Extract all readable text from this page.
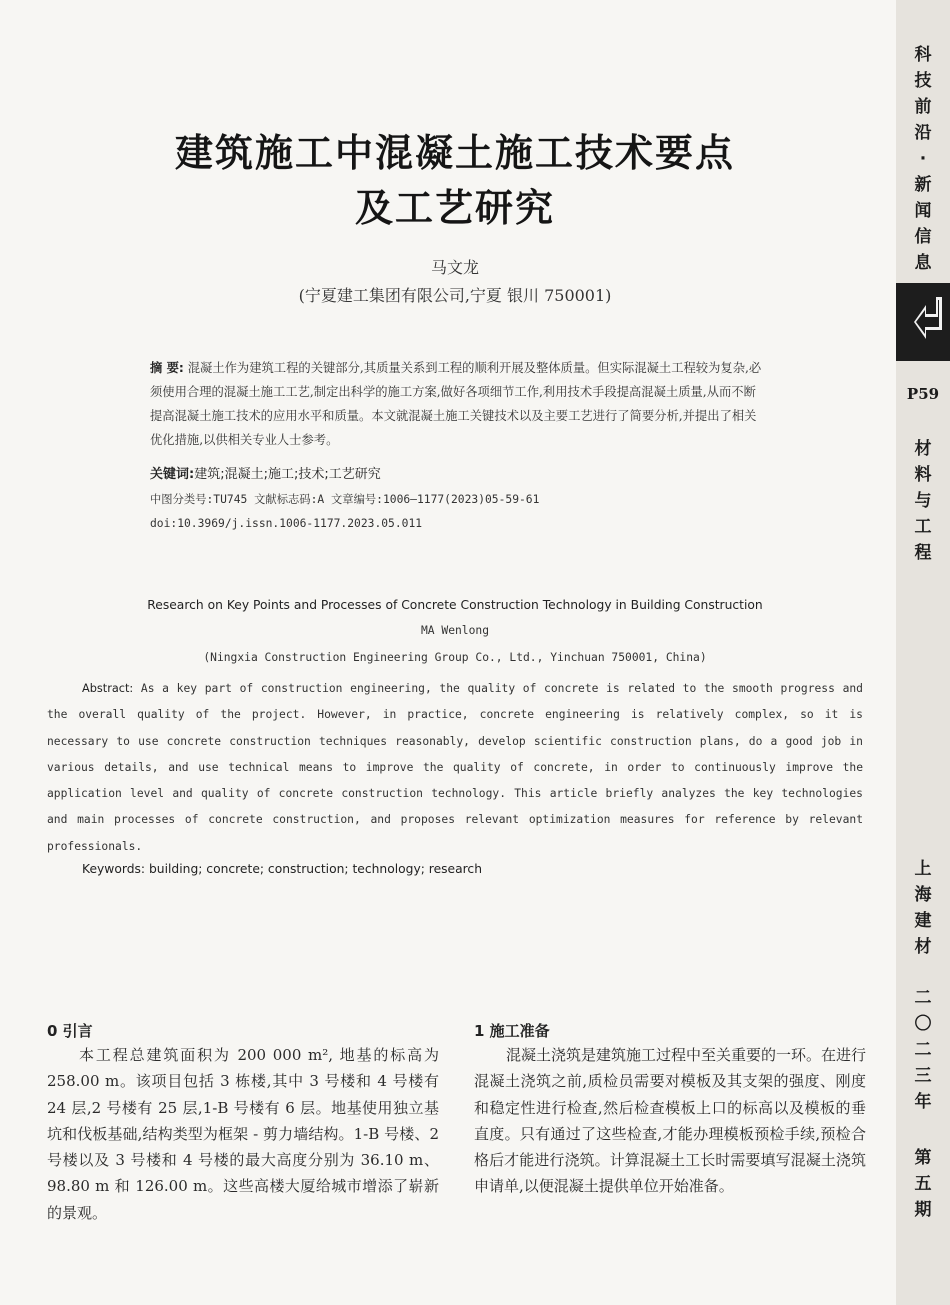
科
技
前
沿
·
新
闻
信
息
P59
材
料
与
工
程
上
海
建
材
二
〇
二
三
年
第
五
期
建筑施工中混凝土施工技术要点
及工艺研究
马文龙
(宁夏建工集团有限公司,宁夏 银川 750001)
摘 要: 混凝土作为建筑工程的关键部分,其质量关系到工程的顺利开展及整体质量。但实际混凝土工程较为复杂,必须使用合理的混凝土施工工艺,制定出科学的施工方案,做好各项细节工作,利用技术手段提高混凝土质量,从而不断提高混凝土施工技术的应用水平和质量。本文就混凝土施工关键技术以及主要工艺进行了简要分析,并提出了相关优化措施,以供相关专业人士参考。
关键词:建筑;混凝土;施工;技术;工艺研究
中图分类号:TU745 文献标志码:A 文章编号:1006—1177(2023)05-59-61
doi:10.3969/j.issn.1006-1177.2023.05.011
Research on Key Points and Processes of Concrete Construction Technology in Building Construction
MA Wenlong
(Ningxia Construction Engineering Group Co., Ltd., Yinchuan 750001, China)
Abstract: As a key part of construction engineering, the quality of concrete is related to the smooth progress and the overall quality of the project. However, in practice, concrete engineering is relatively complex, so it is necessary to use concrete construction techniques reasonably, develop scientific construction plans, do a good job in various details, and use technical means to improve the quality of concrete, in order to continuously improve the application level and quality of concrete construction technology. This article briefly analyzes the key technologies and main processes of concrete construction, and proposes relevant optimization measures for reference by relevant professionals.
Keywords: building; concrete; construction; technology; research
0 引言
本工程总建筑面积为 200 000 m², 地基的标高为 258.00 m。该项目包括 3 栋楼,其中 3 号楼和 4 号楼有 24 层,2 号楼有 25 层,1-B 号楼有 6 层。地基使用独立基坑和伐板基础,结构类型为框架 - 剪力墙结构。1-B 号楼、2 号楼以及 3 号楼和 4 号楼的最大高度分别为 36.10 m、98.80 m 和 126.00 m。这些高楼大厦给城市增添了崭新的景观。
1 施工准备
混凝土浇筑是建筑施工过程中至关重要的一环。在进行混凝土浇筑之前,质检员需要对模板及其支架的强度、刚度和稳定性进行检查,然后检查模板上口的标高以及模板的垂直度。只有通过了这些检查,才能办理模板预检手续,预检合格后才能进行浇筑。计算混凝土工长时需要填写混凝土浇筑申请单,以便混凝土提供单位开始准备。
